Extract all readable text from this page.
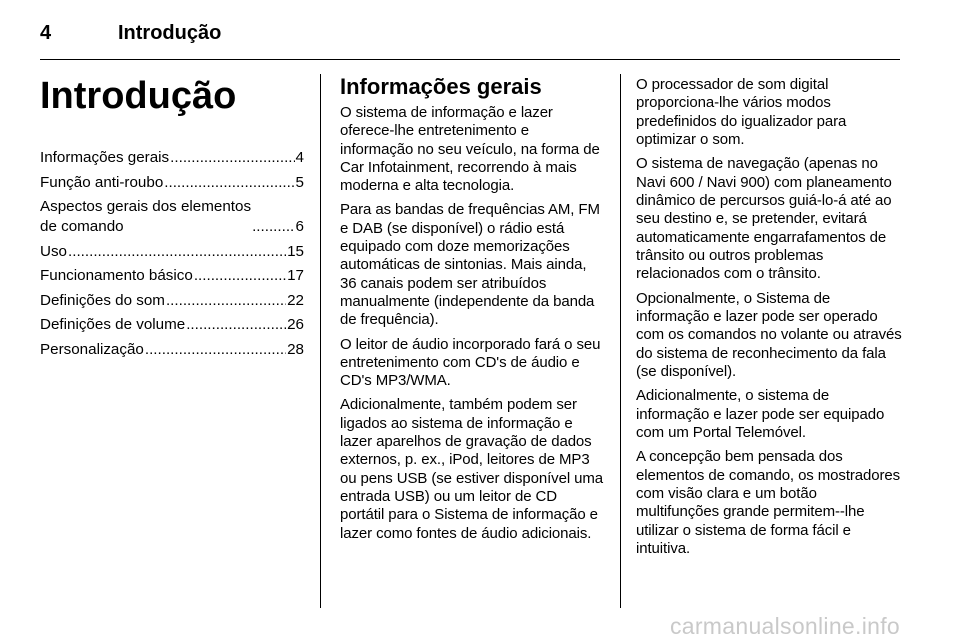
4	Introdução
Introdução
Informações gerais .....	4
Função anti-roubo .....	5
Aspectos gerais dos elementos
de comando .....	6
Uso .....	15
Funcionamento básico .....	17
Definições do som .....	22
Definições de volume .....	26
Personalização .....	28
Informações gerais

O sistema de informação e lazer oferece-lhe entretenimento e informação no seu veículo, na forma de Car Infotainment, recorrendo à mais moderna e alta tecnologia.

Para as bandas de frequências AM, FM e DAB (se disponível) o rádio está equipado com doze memorizações automáticas de sintonias. Mais ainda, 36 canais podem ser atribuídos manualmente (independente da banda de frequência).

O leitor de áudio incorporado fará o seu entretenimento com CD's de áudio e CD's MP3/WMA.

Adicionalmente, também podem ser ligados ao sistema de informação e lazer aparelhos de gravação de dados externos, p. ex., iPod, leitores de MP3 ou pens USB (se estiver disponível uma entrada USB) ou um leitor de CD portátil para o Sistema de informação e lazer como fontes de áudio adicionais.

O processador de som digital proporciona-lhe vários modos predefinidos do igualizador para optimizar o som.

O sistema de navegação (apenas no Navi 600 / Navi 900) com planeamento dinâmico de percursos guiá-lo-á até ao seu destino e, se pretender, evitará automaticamente engarrafamentos de trânsito ou outros problemas relacionados com o trânsito.

Opcionalmente, o Sistema de informação e lazer pode ser operado com os comandos no volante ou através do sistema de reconhecimento da fala (se disponível).

Adicionalmente, o sistema de informação e lazer pode ser equipado com um Portal Telemóvel.

A concepção bem pensada dos elementos de comando, os mostradores com visão clara e um botão multifunções grande permitem--lhe utilizar o sistema de forma fácil e intuitiva.

carmanualsonline.info
